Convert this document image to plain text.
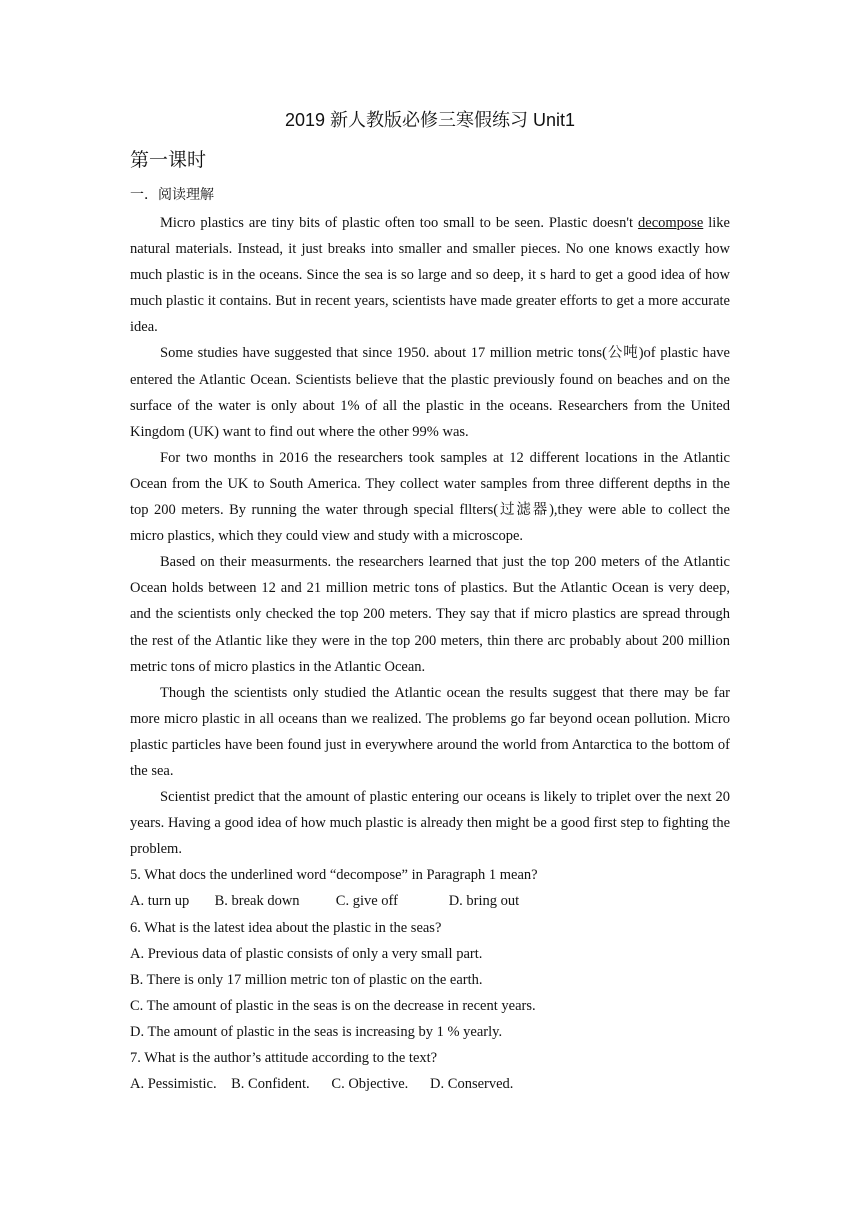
2019 新人教版必修三寒假练习 Unit1
第一课时
一．阅读理解

Micro plastics are tiny bits of plastic often too small to be seen. Plastic doesn't decompose like natural materials. Instead, it just breaks into smaller and smaller pieces. No one knows exactly how much plastic is in the oceans. Since the sea is so large and so deep, it s hard to get a good idea of how much plastic it contains. But in recent years, scientists have made greater efforts to get a more accurate idea.

Some studies have suggested that since 1950. about 17 million metric tons(公吨)of plastic have entered the Atlantic Ocean. Scientists believe that the plastic previously found on beaches and on the surface of the water is only about 1% of all the plastic in the oceans. Researchers from the United Kingdom (UK) want to find out where the other 99% was.

For two months in 2016 the researchers took samples at 12 different locations in the Atlantic Ocean from the UK to South America. They collect water samples from three different depths in the top 200 meters. By running the water through special fllters(过滤器),they were able to collect the micro plastics, which they could view and study with a microscope.

Based on their measurments. the researchers learned that just the top 200 meters of the Atlantic Ocean holds between 12 and 21 million metric tons of plastics. But the Atlantic Ocean is very deep, and the scientists only checked the top 200 meters. They say that if micro plastics are spread through the rest of the Atlantic like they were in the top 200 meters, thin there arc probably about 200 million metric tons of micro plastics in the Atlantic Ocean.

Though the scientists only studied the Atlantic ocean the results suggest that there may be far more micro plastic in all oceans than we realized. The problems go far beyond ocean pollution. Micro plastic particles have been found just in everywhere around the world from Antarctica to the bottom of the sea.

Scientist predict that the amount of plastic entering our oceans is likely to triplet over the next 20 years. Having a good idea of how much plastic is already then might be a good first step to fighting the problem.

5. What docs the underlined word “decompose” in Paragraph 1 mean?

A. turn up       B. break down          C. give off              D. bring out

6. What is the latest idea about the plastic in the seas?

A. Previous data of plastic consists of only a very small part.

B. There is only 17 million metric ton of plastic on the earth.

C. The amount of plastic in the seas is on the decrease in recent years.

D. The amount of plastic in the seas is increasing by 1 % yearly.

7. What is the author’s attitude according to the text?

A. Pessimistic.    B. Confident.      C. Objective.      D. Conserved.
